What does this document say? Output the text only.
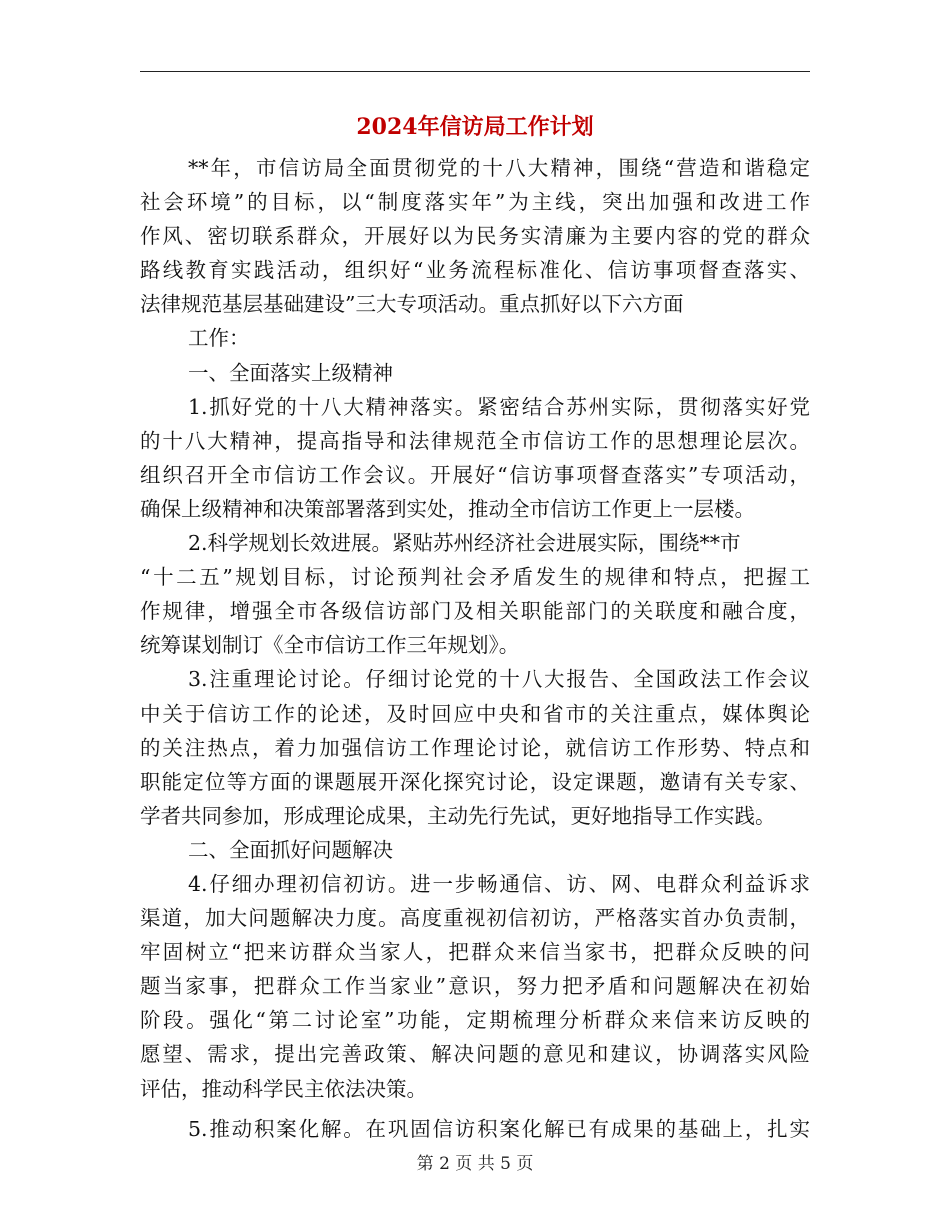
2024年信访局工作计划
**年，市信访局全面贯彻党的十八大精神，围绕“营造和谐稳定
社会环境”的目标，以“制度落实年”为主线，突出加强和改进工作
作风、密切联系群众，开展好以为民务实清廉为主要内容的党的群众
路线教育实践活动，组织好“业务流程标准化、信访事项督查落实、
法律规范基层基础建设”三大专项活动。重点抓好以下六方面
工作：
一、全面落实上级精神
1.抓好党的十八大精神落实。紧密结合苏州实际，贯彻落实好党
的十八大精神，提高指导和法律规范全市信访工作的思想理论层次。
组织召开全市信访工作会议。开展好“信访事项督查落实”专项活动，
确保上级精神和决策部署落到实处，推动全市信访工作更上一层楼。
2.科学规划长效进展。紧贴苏州经济社会进展实际，围绕**市
“十二五”规划目标，讨论预判社会矛盾发生的规律和特点，把握工
作规律，增强全市各级信访部门及相关职能部门的关联度和融合度，
统筹谋划制订《全市信访工作三年规划》。
3.注重理论讨论。仔细讨论党的十八大报告、全国政法工作会议
中关于信访工作的论述，及时回应中央和省市的关注重点，媒体舆论
的关注热点，着力加强信访工作理论讨论，就信访工作形势、特点和
职能定位等方面的课题展开深化探究讨论，设定课题，邀请有关专家、
学者共同参加，形成理论成果，主动先行先试，更好地指导工作实践。
二、全面抓好问题解决
4.仔细办理初信初访。进一步畅通信、访、网、电群众利益诉求
渠道，加大问题解决力度。高度重视初信初访，严格落实首办负责制，
牢固树立“把来访群众当家人，把群众来信当家书，把群众反映的问
题当家事，把群众工作当家业”意识，努力把矛盾和问题解决在初始
阶段。强化“第二讨论室”功能，定期梳理分析群众来信来访反映的
愿望、需求，提出完善政策、解决问题的意见和建议，协调落实风险
评估，推动科学民主依法决策。
5.推动积案化解。在巩固信访积案化解已有成果的基础上，扎实
第 2 页 共 5 页
